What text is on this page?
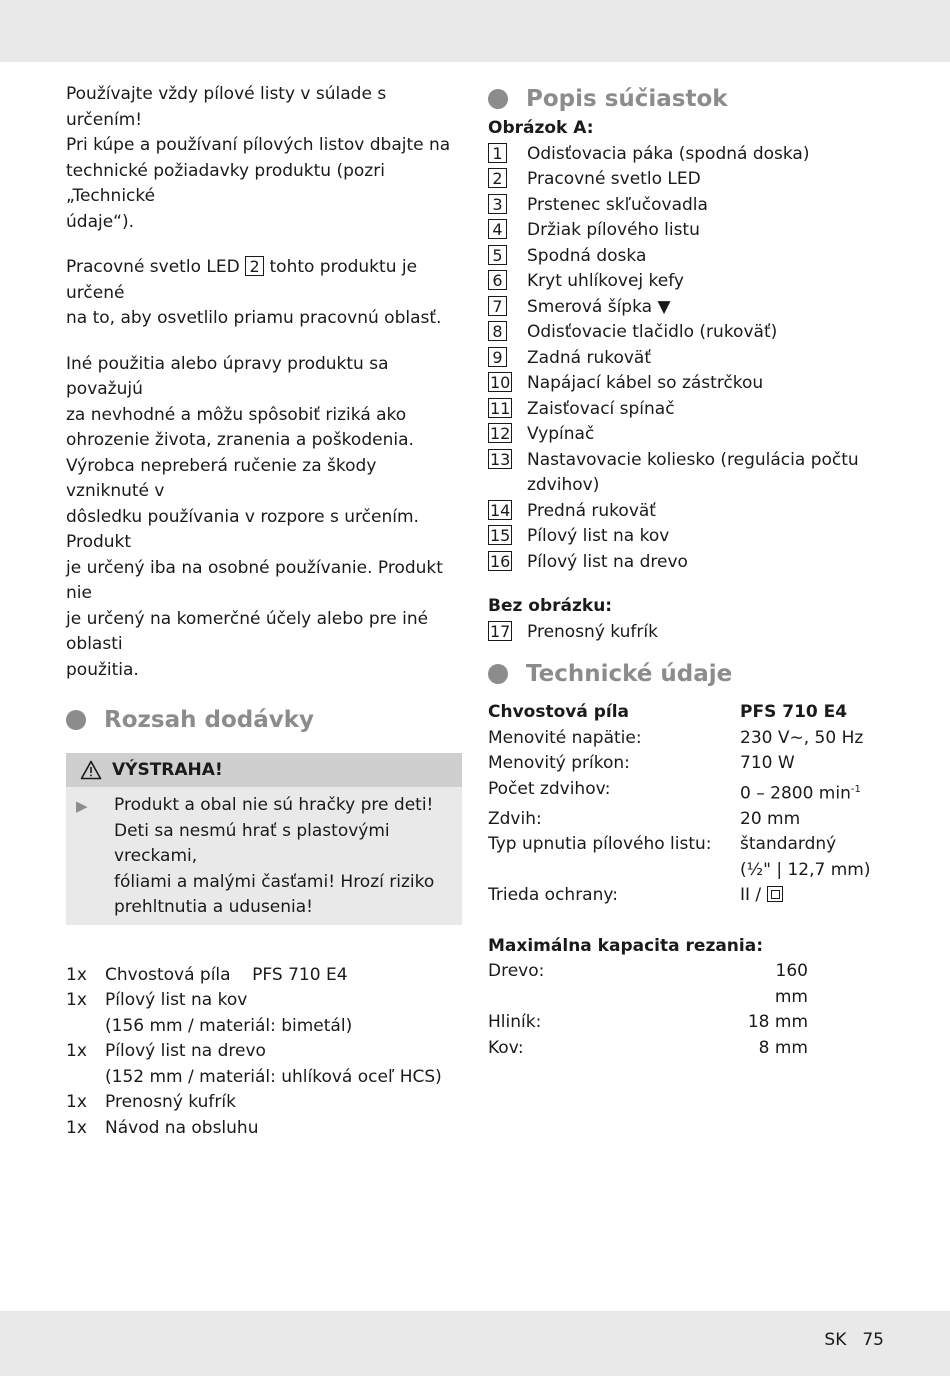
Používajte vždy pílové listy v súlade s určením!

Pri kúpe a používaní pílových listov dbajte na

technické požiadavky produktu (pozri „Technické

údaje“).

Pracovné svetlo LED 2 tohto produktu je určené

na to, aby osvetlilo priamu pracovnú oblasť.

Iné použitia alebo úpravy produktu sa považujú

za nevhodné a môžu spôsobiť riziká ako

ohrozenie života, zranenia a poškodenia.

Výrobca nepreberá ručenie za škody vzniknuté v

dôsledku používania v rozpore s určením. Produkt

je určený iba na osobné používanie. Produkt nie

je určený na komerčné účely alebo pre iné oblasti

použitia.

Rozsah dodávky
VÝSTRAHA!
▶	Produkt a obal nie sú hračky pre deti!

Deti sa nesmú hrať s plastovými vreckami,

fóliami a malými časťami! Hrozí riziko

prehltnutia a udusenia!

1x	Chvostová píla    PFS 710 E4
1x	Pílový list na kov
(156 mm / materiál: bimetál)
1x	Pílový list na drevo
(152 mm / materiál: uhlíková oceľ HCS)
1x	Prenosný kufrík
1x	Návod na obsluhu
Popis súčiastok
Obrázok A:
1	Odisťovacia páka (spodná doska)
2	Pracovné svetlo LED
3	Prstenec skľučovadla
4	Držiak pílového listu
5	Spodná doska
6	Kryt uhlíkovej kefy
7	Smerová šípka ▼
8	Odisťovacie tlačidlo (rukoväť)
9	Zadná rukoväť
10 Napájací kábel so zástrčkou
11 Zaisťovací spínač
12 Vypínač
13 Nastavovacie koliesko (regulácia počtu
zdvihov)
14 Predná rukoväť
15 Pílový list na kov
16 Pílový list na drevo
Bez obrázku:
17 Prenosný kufrík
Technické údaje
Chvostová píla	PFS 710 E4
Menovité napätie:	230 V∼, 50 Hz
Menovitý príkon:	710 W
Počet zdvihov:	0 – 2800 $\min^{-1}$
Zdvih:	20 mm
Typ upnutia pílového listu:	štandardný
(½" | 12,7 mm)
Trieda ochrany:	II /
Maximálna kapacita rezania:
Drevo:	160 mm
Hliník:	18 mm
Kov:	8 mm
SK 75
